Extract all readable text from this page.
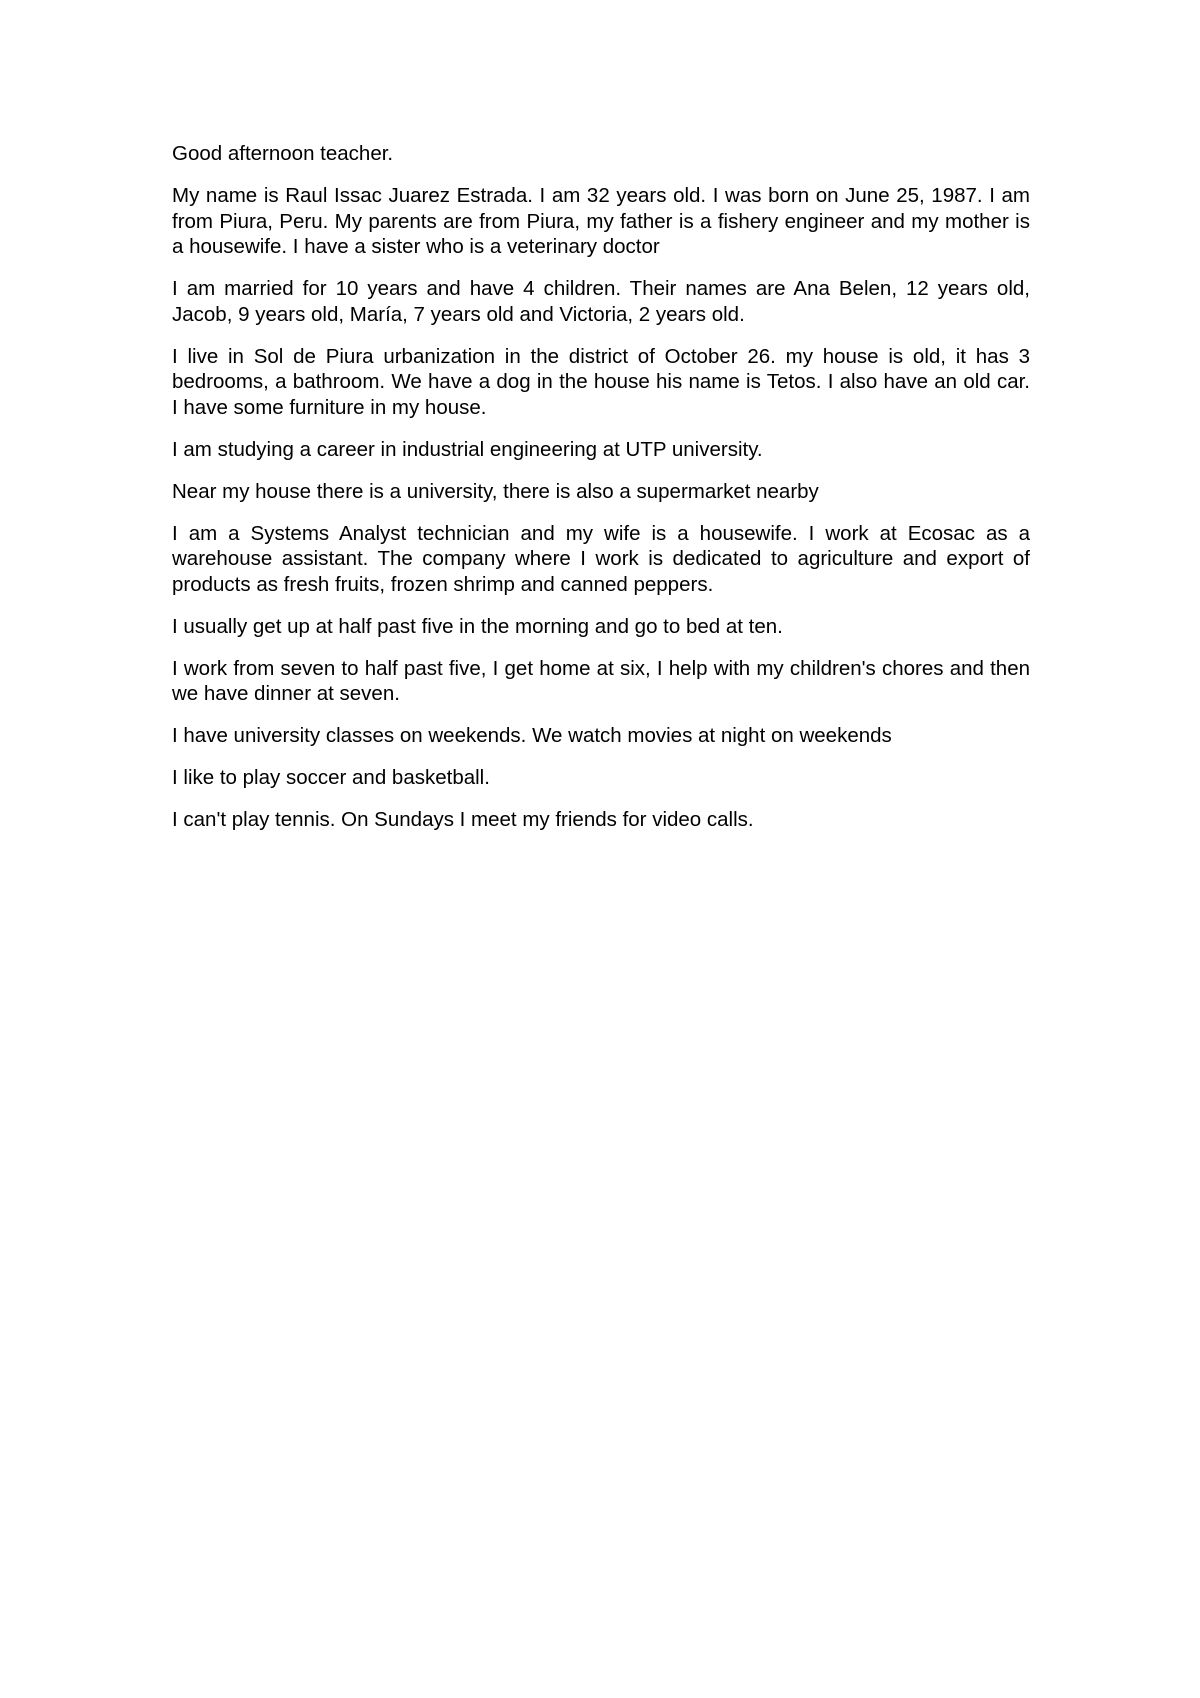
Good afternoon teacher.

My name is Raul Issac Juarez Estrada. I am 32 years old. I was born on June 25, 1987. I am from Piura, Peru. My parents are from Piura, my father is a fishery engineer and my mother is a housewife. I have a sister who is a veterinary doctor

I am married for 10 years and have 4 children. Their names are Ana Belen, 12 years old, Jacob, 9 years old, María, 7 years old and Victoria, 2 years old.

I live in Sol de Piura urbanization in the district of October 26. my house is old, it has 3 bedrooms, a bathroom. We have a dog in the house his name is Tetos. I also have an old car. I have some furniture in my house.

I am studying a career in industrial engineering at UTP university.

Near my house there is a university, there is also a supermarket nearby

I am a Systems Analyst technician and my wife is a housewife. I work at Ecosac as a warehouse assistant. The company where I work is dedicated to agriculture and export of products as fresh fruits, frozen shrimp and canned peppers.

I usually get up at half past five in the morning and go to bed at ten.

I work from seven to half past five, I get home at six, I help with my children's chores and then we have dinner at seven.

I have university classes on weekends. We watch movies at night on weekends

I like to play soccer and basketball.

I can't play tennis. On Sundays I meet my friends for video calls.
